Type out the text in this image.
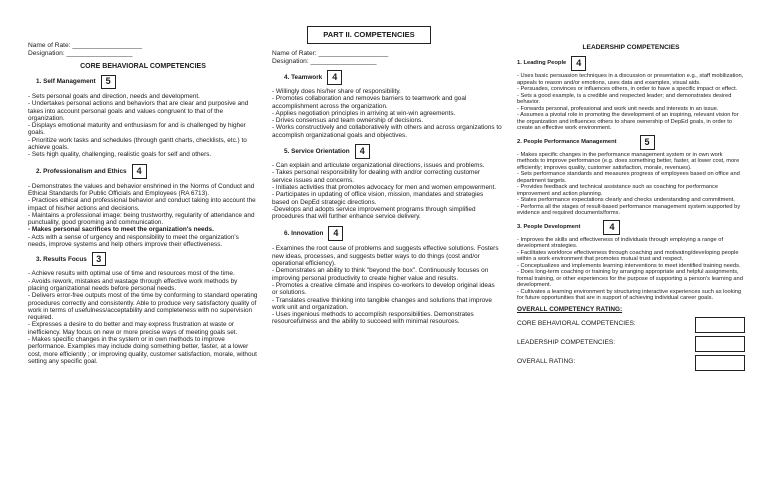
PART II. COMPETENCIES
Name of Rate: ___________________
Designation: __________________
CORE BEHAVIORAL COMPETENCIES
1. Self Management	5
- Sets personal goals and direction, needs and development.
- Undertakes personal actions and behaviors that are clear and purposive and takes into account personal goals and values congruent to that of the organization.
- Displays emotional maturity and enthusiasm for and is challenged by higher goals.
- Prioritize work tasks and schedules (through gantt charts, checklists, etc.) to achieve goals.
- Sets high quality, challenging, realistic goals for self and others.
2. Professionalism and Ethics	4
- Demonstrates the values and behavior enshrined in the Norms of Conduct and Ethical Standards for Public Officials and Employees (RA 6713).
- Practices ethical and professional behavior and conduct taking into account the impact of his/her actions and decisions.
- Maintains a professional image: being trustworthy, regularity of attendance and punctuality, good grooming and communication.
- Makes personal sacrifices to meet the organization's needs.
- Acts with a sense of urgency and responsibility to meet the organization's needs, improve systems and help others improve their effectiveness.
3. Results Focus	3
- Achieve results with optimal use of time and resources most of the time.
- Avoids rework, mistakes and wastage through effective work methods by placing organizational needs before personal needs.
- Delivers error-free outputs most of the time by conforming to standard operating procedures correctly and consistently. Able to produce very satisfactory quality of work in terms of usefulness/acceptability and completeness with no supervision required.
- Expresses a desire to do better and may express frustration at waste or inefficiency. May focus on new or more precise ways of meeting goals set.
- Makes specific changes in the system or in own methods to improve performance. Examples may include doing something better, faster, at a lower cost, more efficiently ; or improving quality, customer satisfaction, morale, without setting any specific goal.
Name of Rater: ___________________
Designation: __________________
4. Teamwork	4
- Willingly does his/her share of responsibility.
- Promotes collaboration and removes barriers to teamwork and goal accomplishment across the organization.
- Applies negotiation principles in arriving at win-win agreements.
- Drives consensus and team ownership of decisions.
- Works constructively and collaboratively with others and across organizations to accomplish organizational goals and objectives.
5. Service Orientation	4
- Can explain and articulate organizational directions, issues and problems.
- Takes personal responsibility for dealing with and/or correcting customer service issues and concerns.
- Initiates activities that promotes advocacy for men and women empowerment.
- Participates in updating of office vision, mission, mandates and strategies based on DepEd strategic directions.
-Develops and adopts service improvement programs through simplified procedures that will further enhance service delivery.
6. Innovation	4
- Examines the root cause of problems and suggests effective solutions. Fosters new ideas, processes, and suggests better ways to do things (cost and/or operational efficiency).
- Demonstrates an ability to think "beyond the box". Continuously focuses on improving personal productivity to create higher value and results.
- Promotes a creative climate and inspires co-workers to develop original ideas or solutions.
- Translates creative thinking into tangible changes and solutions that improve work unit and organization.
- Uses ingenious methods to accomplish responsibilities. Demonstrates resourcefulness and the ability to succeed with minimal resources.
LEADERSHIP COMPETENCIES
1. Leading People	4
- Uses basic persuasion techniques in a discussion or presentation e.g., staff mobilization, appeals to reason and/or emotions, uses data and examples, visual aids.
- Persuades, convinces or influences others, in order to have a specific impact or effect.
- Sets a good example, is a credible and respected leader; and demonstrates desired behavior.
- Forwards personal, professional and work unit needs and interests in an issue.
- Assumes a pivotal role in promoting the development of an inspiring, relevant vision for the organization and influences others to share ownership of DepEd goals, in order to create an effective work environment.
2. People Performance Management	5
- Makes specific changes in the performance management system or in own work methods to improve performance (e.g. does something better, faster, at lower cost, more efficiently; improves quality, customer satisfaction, morale, revenues).
- Sets performance standards and measures progress of employees based on office and department targets.
- Provides feedback and technical assistance such as coaching for performance improvement and action planning.
- States performance expectations clearly and checks understanding and commitment.
- Performs all the stages of result-based performance management system supported by evidence and required documents/forms.
3. People Development	4
- Improves the skills and effectiveness of individuals through employing a range of development strategies.
- Facilitates workforce effectiveness through coaching and motivating/developing people within a work environment that promotes mutual trust and respect.
- Conceptualizes and implements learning interventions to meet identified training needs.
- Does long-term coaching or training by arranging appropriate and helpful assignments, formal training, or other experiences for the purpose of supporting a person's learning and development.
- Cultivates a learning environment by structuring interactive experiences such as looking for future opportunities that are in support of achieving individual career goals.
OVERALL COMPETENCY RATING:
CORE BEHAVIORAL COMPETENCIES:
LEADERSHIP COMPETENCIES:
OVERALL RATING:
